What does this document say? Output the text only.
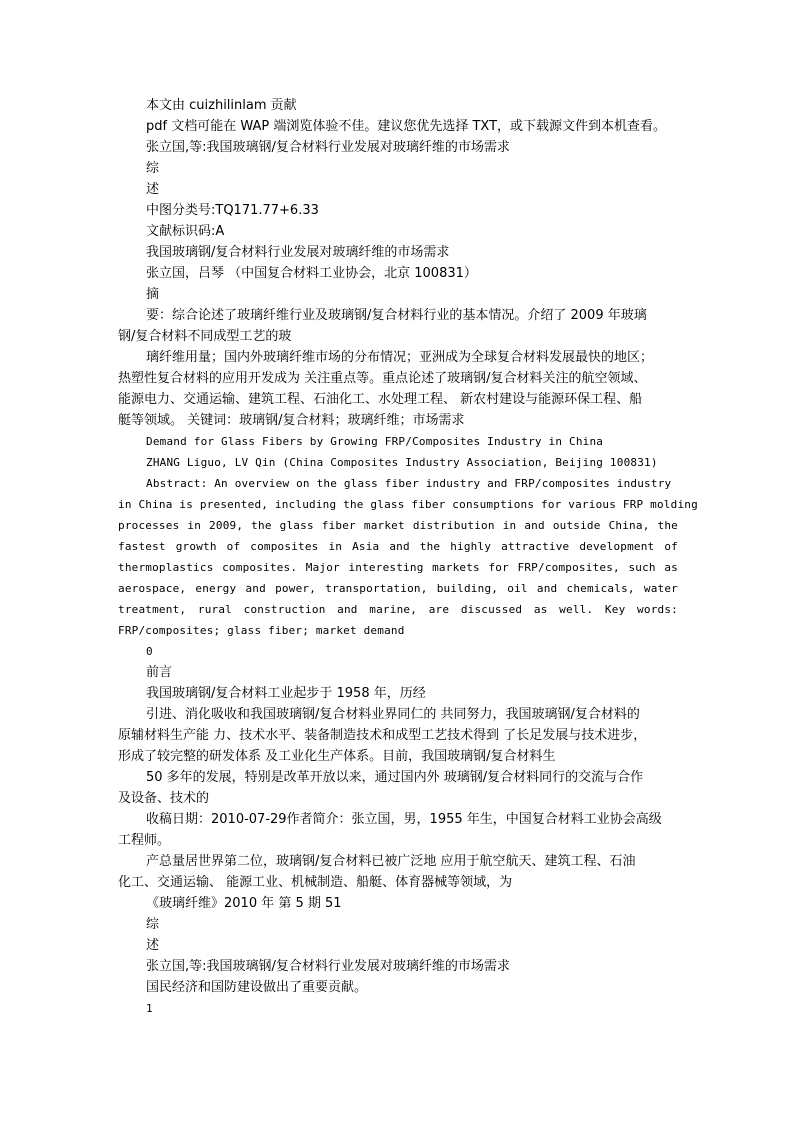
本文由 cuizhilinlam 贡献

pdf 文档可能在 WAP 端浏览体验不佳。建议您优先选择 TXT，或下载源文件到本机查看。

张立国,等:我国玻璃钢/复合材料行业发展对玻璃纤维的市场需求

综

述

中图分类号:TQ171.77+6.33

文献标识码:A

我国玻璃钢/复合材料行业发展对玻璃纤维的市场需求

张立国，吕琴 （中国复合材料工业协会，北京 100831）

摘

要：综合论述了玻璃纤维行业及玻璃钢/复合材料行业的基本情况。介绍了 2009 年玻璃

钢/复合材料不同成型工艺的玻

璃纤维用量；国内外玻璃纤维市场的分布情况；亚洲成为全球复合材料发展最快的地区；

热塑性复合材料的应用开发成为 关注重点等。重点论述了玻璃钢/复合材料关注的航空领域、

能源电力、交通运输、建筑工程、石油化工、水处理工程、 新农村建设与能源环保工程、船

艇等领域。 关键词：玻璃钢/复合材料；玻璃纤维；市场需求

Demand for Glass Fibers by Growing FRP/Composites Industry in China

ZHANG Liguo, LV Qin (China Composites Industry Association, Beijing 100831)

Abstract: An overview on the glass fiber industry and FRP/composites industry

in China is presented, including the glass fiber consumptions for various FRP molding

processes in 2009, the glass fiber market distribution in and outside China, the

fastest growth of composites in Asia and the highly attractive development of

thermoplastics composites. Major interesting markets for FRP/composites, such as

aerospace, energy and power, transportation, building, oil and chemicals, water

treatment, rural construction and marine, are discussed as well. Key words:

FRP/composites; glass fiber; market demand

0

前言

我国玻璃钢/复合材料工业起步于 1958 年，历经

引进、消化吸收和我国玻璃钢/复合材料业界同仁的 共同努力，我国玻璃钢/复合材料的

原辅材料生产能 力、技术水平、装备制造技术和成型工艺技术得到 了长足发展与技术进步，

形成了较完整的研发体系 及工业化生产体系。目前，我国玻璃钢/复合材料生

50 多年的发展，特别是改革开放以来，通过国内外 玻璃钢/复合材料同行的交流与合作

及设备、技术的

收稿日期：2010-07-29作者简介：张立国，男，1955 年生，中国复合材料工业协会高级

工程师。

产总量居世界第二位，玻璃钢/复合材料已被广泛地 应用于航空航天、建筑工程、石油

化工、交通运输、 能源工业、机械制造、船艇、体育器械等领域，为

《玻璃纤维》2010 年 第 5 期 51

综

述

张立国,等:我国玻璃钢/复合材料行业发展对玻璃纤维的市场需求

国民经济和国防建设做出了重要贡献。

1
